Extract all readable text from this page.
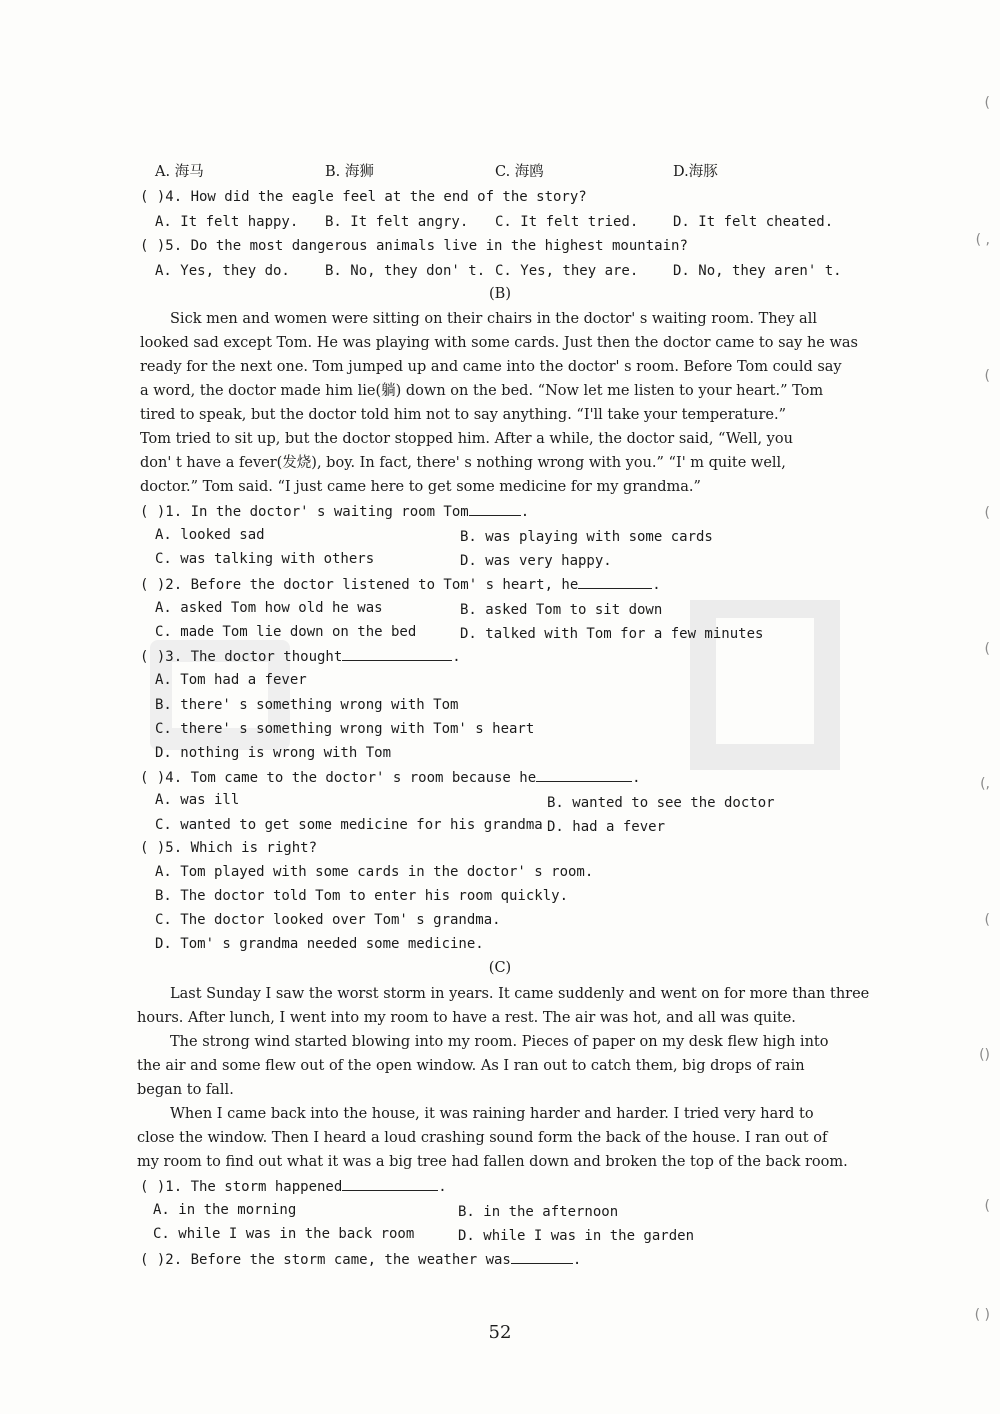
A. 海马	B. 海狮	C. 海鸥	D.海豚
( )4. How did the eagle feel at the end of the story?
A. It felt happy. B. It felt angry. C. It felt tried. D. It felt cheated.
( )5. Do the most dangerous animals live in the highest mountain?
A. Yes, they do.	B. No, they don' t. C. Yes, they are. D. No, they aren' t.
(B)
Sick men and women were sitting on their chairs in the doctor' s waiting room. They all
looked sad except Tom. He was playing with some cards. Just then the doctor came to say he was
ready for the next one. Tom jumped up and came into the doctor' s room. Before Tom could say
a word, the doctor made him lie(躺) down on the bed. “Now let me listen to your heart.” Tom
tired to speak, but the doctor told him not to say anything. “I'll take your temperature.”
Tom tried to sit up, but the doctor stopped him. After a while, the doctor said, “Well, you
don' t have a fever(发烧), boy. In fact, there' s nothing wrong with you.” “I' m quite well,
doctor.” Tom said. “I just came here to get some medicine for my grandma.”
( )1. In the doctor' s waiting room Tom	.
A. looked sad	B. was playing with some cards
C. was talking with others	D. was very happy.
( )2. Before the doctor listened to Tom' s heart, he	.
A. asked Tom how old he was	B. asked Tom to sit down
C. made Tom lie down on the bed	D. talked with Tom for a few minutes
( )3. The doctor thought	.
A. Tom had a fever
B. there' s something wrong with Tom
C. there' s something wrong with Tom' s heart
D. nothing is wrong with Tom
( )4. Tom came to the doctor' s room because he	.
A. was ill	B. wanted to see the doctor
C. wanted to get some medicine for his grandma D. had a fever
( )5. Which is right?
A. Tom played with some cards in the doctor' s room.
B. The doctor told Tom to enter his room quickly.
C. The doctor looked over Tom' s grandma.
D. Tom' s grandma needed some medicine.
(C)
Last Sunday I saw the worst storm in years. It came suddenly and went on for more than three
hours. After lunch, I went into my room to have a rest. The air was hot, and all was quite.
The strong wind started blowing into my room. Pieces of paper on my desk flew high into
the air and some flew out of the open window. As I ran out to catch them, big drops of rain
began to fall.
When I came back into the house, it was raining harder and harder. I tried very hard to
close the window. Then I heard a loud crashing sound form the back of the house. I ran out of
my room to find out what it was a big tree had fallen down and broken the top of the back room.
( )1. The storm happened	.
A. in the morning	B. in the afternoon
C. while I was in the back room	D. while I was in the garden
( )2. Before the storm came, the weather was	.
52
(
( ,
(
(
(
(,
(
()
(
( )
